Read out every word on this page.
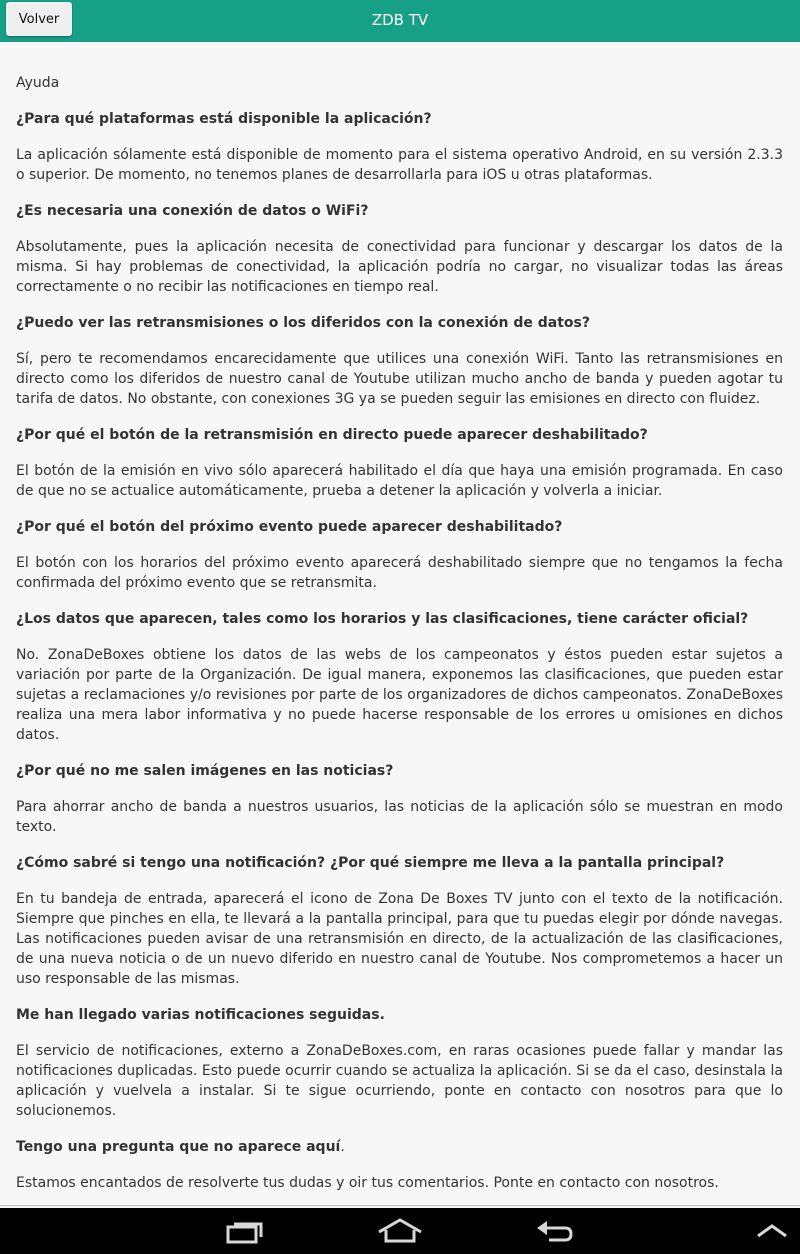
ZDB TV
Volver

Ayuda

¿Para qué plataformas está disponible la aplicación?

La aplicación sólamente está disponible de momento para el sistema operativo Android, en su versión 2.3.3 o superior. De momento, no tenemos planes de desarrollarla para iOS u otras plataformas.

¿Es necesaria una conexión de datos o WiFi?

Absolutamente, pues la aplicación necesita de conectividad para funcionar y descargar los datos de la misma. Si hay problemas de conectividad, la aplicación podría no cargar, no visualizar todas las áreas correctamente o no recibir las notificaciones en tiempo real.

¿Puedo ver las retransmisiones o los diferidos con la conexión de datos?

Sí, pero te recomendamos encarecidamente que utilices una conexión WiFi. Tanto las retransmisiones en directo como los diferidos de nuestro canal de Youtube utilizan mucho ancho de banda y pueden agotar tu tarifa de datos. No obstante, con conexiones 3G ya se pueden seguir las emisiones en directo con fluidez.

¿Por qué el botón de la retransmisión en directo puede aparecer deshabilitado?

El botón de la emisión en vivo sólo aparecerá habilitado el día que haya una emisión programada. En caso de que no se actualice automáticamente, prueba a detener la aplicación y volverla a iniciar.

¿Por qué el botón del próximo evento puede aparecer deshabilitado?

El botón con los horarios del próximo evento aparecerá deshabilitado siempre que no tengamos la fecha confirmada del próximo evento que se retransmita.

¿Los datos que aparecen, tales como los horarios y las clasificaciones, tiene carácter oficial?

No. ZonaDeBoxes obtiene los datos de las webs de los campeonatos y éstos pueden estar sujetos a variación por parte de la Organización. De igual manera, exponemos las clasificaciones, que pueden estar sujetas a reclamaciones y/o revisiones por parte de los organizadores de dichos campeonatos. ZonaDeBoxes realiza una mera labor informativa y no puede hacerse responsable de los errores u omisiones en dichos datos.

¿Por qué no me salen imágenes en las noticias?

Para ahorrar ancho de banda a nuestros usuarios, las noticias de la aplicación sólo se muestran en modo texto.

¿Cómo sabré si tengo una notificación? ¿Por qué siempre me lleva a la pantalla principal?

En tu bandeja de entrada, aparecerá el icono de Zona De Boxes TV junto con el texto de la notificación. Siempre que pinches en ella, te llevará a la pantalla principal, para que tu puedas elegir por dónde navegas. Las notificaciones pueden avisar de una retransmisión en directo, de la actualización de las clasificaciones, de una nueva noticia o de un nuevo diferido en nuestro canal de Youtube. Nos comprometemos a hacer un uso responsable de las mismas.

Me han llegado varias notificaciones seguidas.

El servicio de notificaciones, externo a ZonaDeBoxes.com, en raras ocasiones puede fallar y mandar las notificaciones duplicadas. Esto puede ocurrir cuando se actualiza la aplicación. Si se da el caso, desinstala la aplicación y vuelvela a instalar. Si te sigue ocurriendo, ponte en contacto con nosotros para que lo solucionemos.

Tengo una pregunta que no aparece aquí.

Estamos encantados de resolverte tus dudas y oir tus comentarios. Ponte en contacto con nosotros.
